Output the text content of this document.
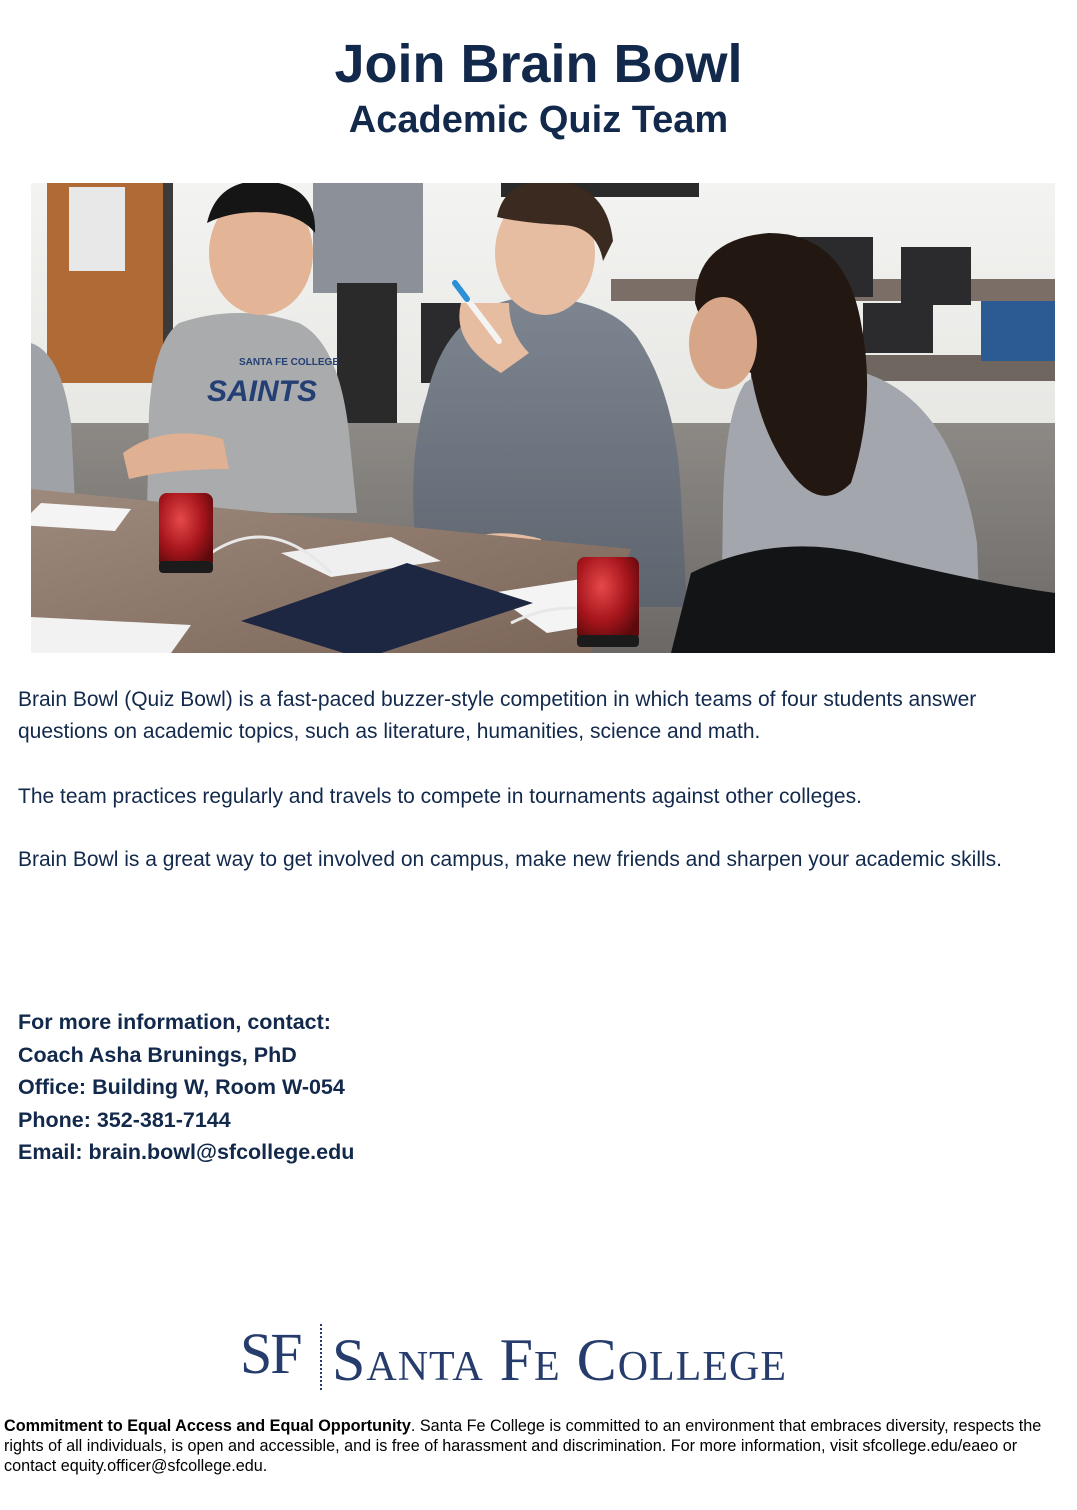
Join Brain Bowl
Academic Quiz Team
SANTA FE COLLEGE
SAINTS

Brain Bowl (Quiz Bowl) is a fast-paced buzzer-style competition in which teams of four students answer questions on academic topics, such as literature, humanities, science and math.

The team practices regularly and travels to compete in tournaments against other colleges.

Brain Bowl is a great way to get involved on campus, make new friends and sharpen your academic skills.

For more information, contact:
Coach Asha Brunings, PhD
Office: Building W, Room W-054
Phone: 352-381-7144
Email: brain.bowl@sfcollege.edu
SF Santa Fe College
Commitment to Equal Access and Equal Opportunity. Santa Fe College is committed to an environment that embraces diversity, respects the rights of all individuals, is open and accessible, and is free of harassment and discrimination. For more information, visit sfcollege.edu/eaeo or contact equity.officer@sfcollege.edu.
